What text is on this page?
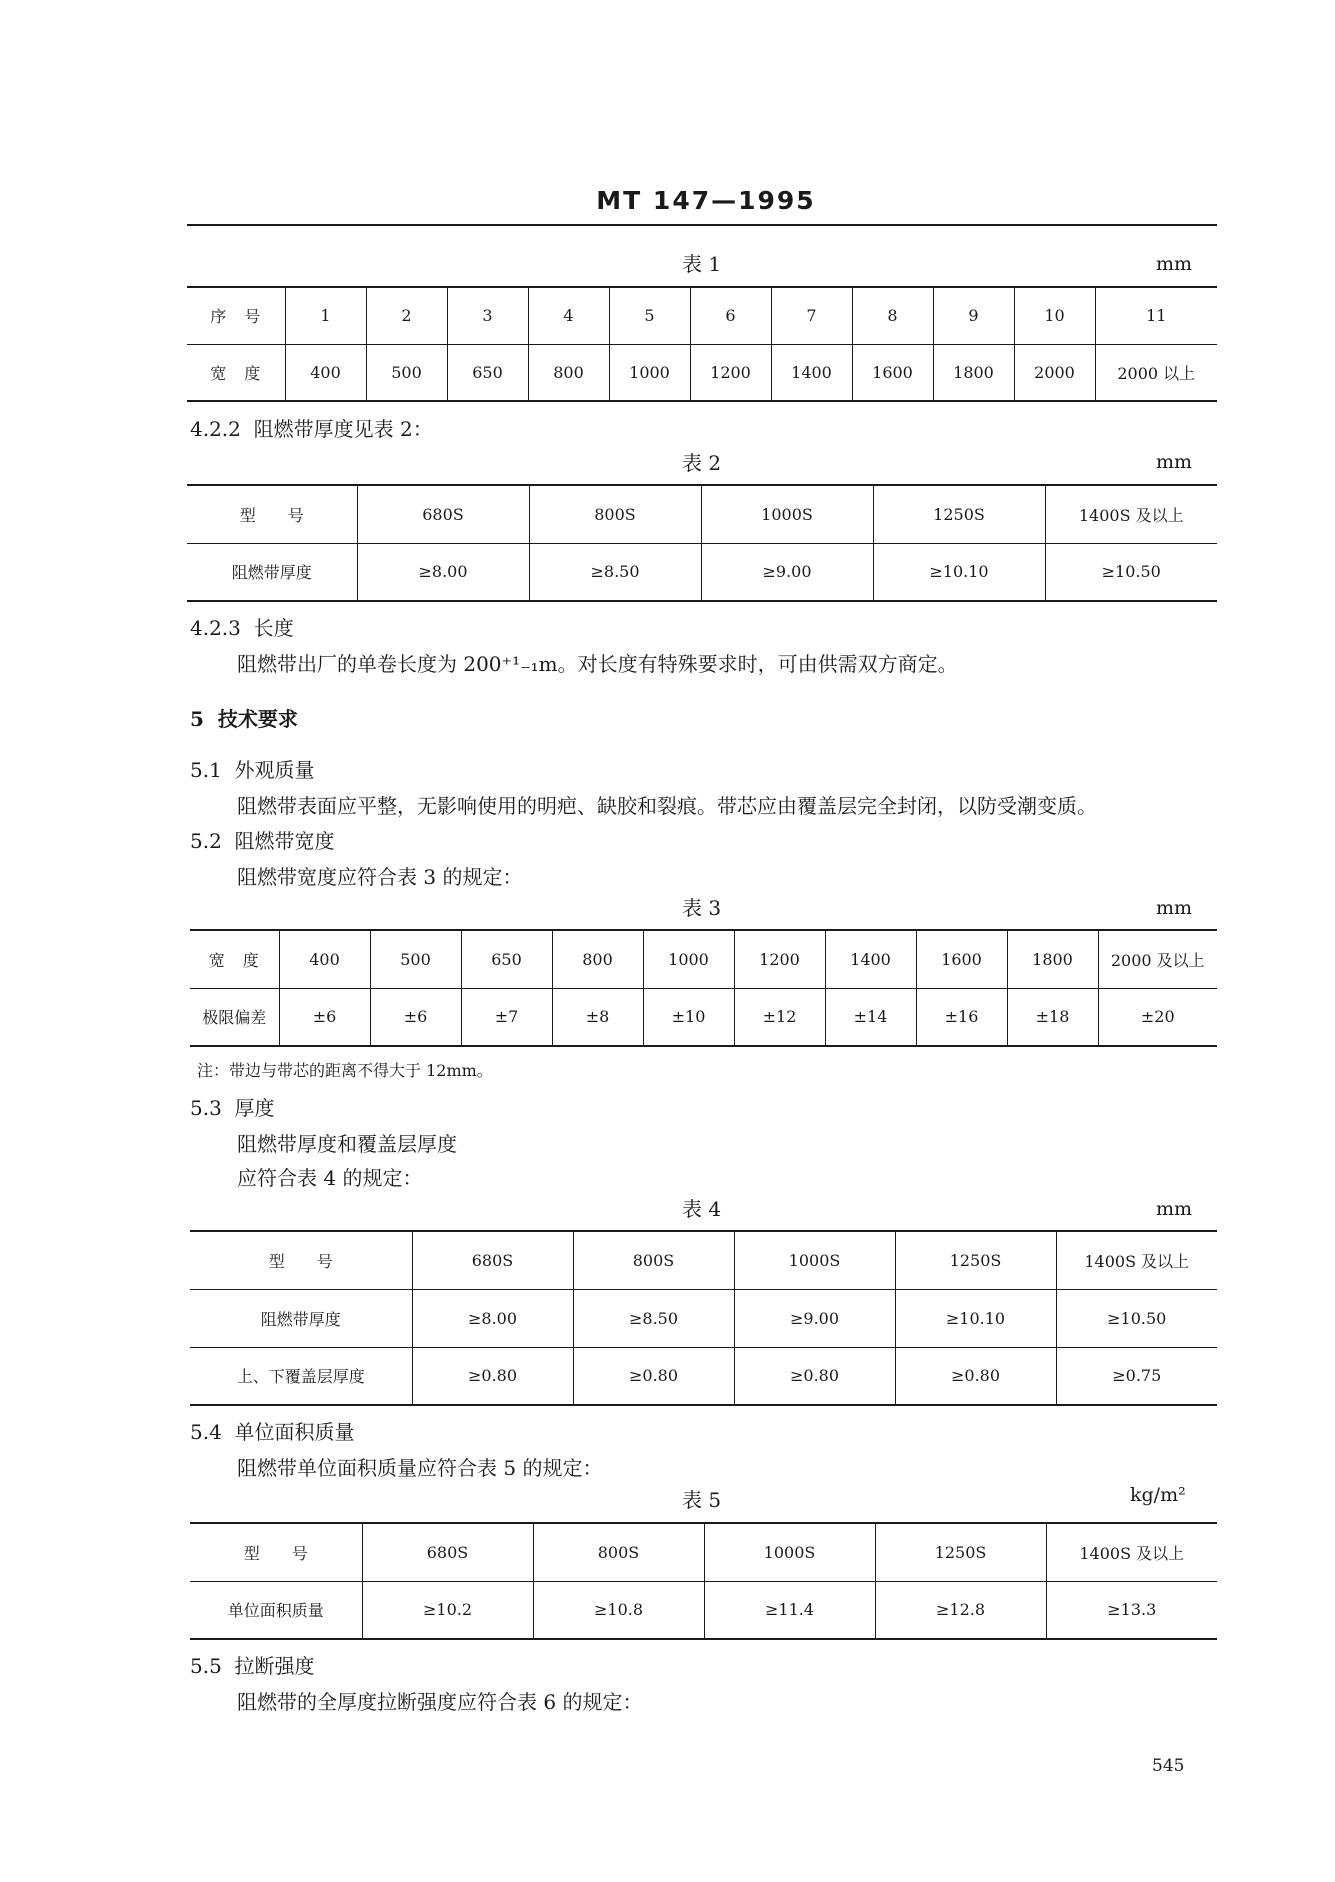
MT 147—1995
表 1	mm
序　号	1	2	3	4	5	6	7	8	9	10	11
宽　度	400	500	650	800	1000	1200	1400	1600	1800	2000	2000 以上
4.2.2 阻燃带厚度见表 2：
表 2	mm
型　　号	680S	800S	1000S	1250S	1400S 及以上
阻燃带厚度	≥8.00	≥8.50	≥9.00	≥10.10	≥10.50
4.2.3 长度
阻燃带出厂的单卷长度为 200⁺¹₋₁m。对长度有特殊要求时，可由供需双方商定。
5 技术要求
5.1 外观质量
阻燃带表面应平整，无影响使用的明疤、缺胶和裂痕。带芯应由覆盖层完全封闭，以防受潮变质。
5.2 阻燃带宽度
阻燃带宽度应符合表 3 的规定：
表 3	mm
宽　度	400	500	650	800	1000	1200	1400	1600	1800	2000 及以上
极限偏差	±6	±6	±7	±8	±10	±12	±14	±16	±18	±20
注：带边与带芯的距离不得大于 12mm。
5.3 厚度
阻燃带厚度和覆盖层厚度
应符合表 4 的规定：
表 4	mm
型　　号	680S	800S	1000S	1250S	1400S 及以上
阻燃带厚度	≥8.00	≥8.50	≥9.00	≥10.10	≥10.50
上、下覆盖层厚度	≥0.80	≥0.80	≥0.80	≥0.80	≥0.75
5.4 单位面积质量
阻燃带单位面积质量应符合表 5 的规定：
表 5	kg/m²
型　　号	680S	800S	1000S	1250S	1400S 及以上
单位面积质量	≥10.2	≥10.8	≥11.4	≥12.8	≥13.3
5.5 拉断强度
阻燃带的全厚度拉断强度应符合表 6 的规定：
545
